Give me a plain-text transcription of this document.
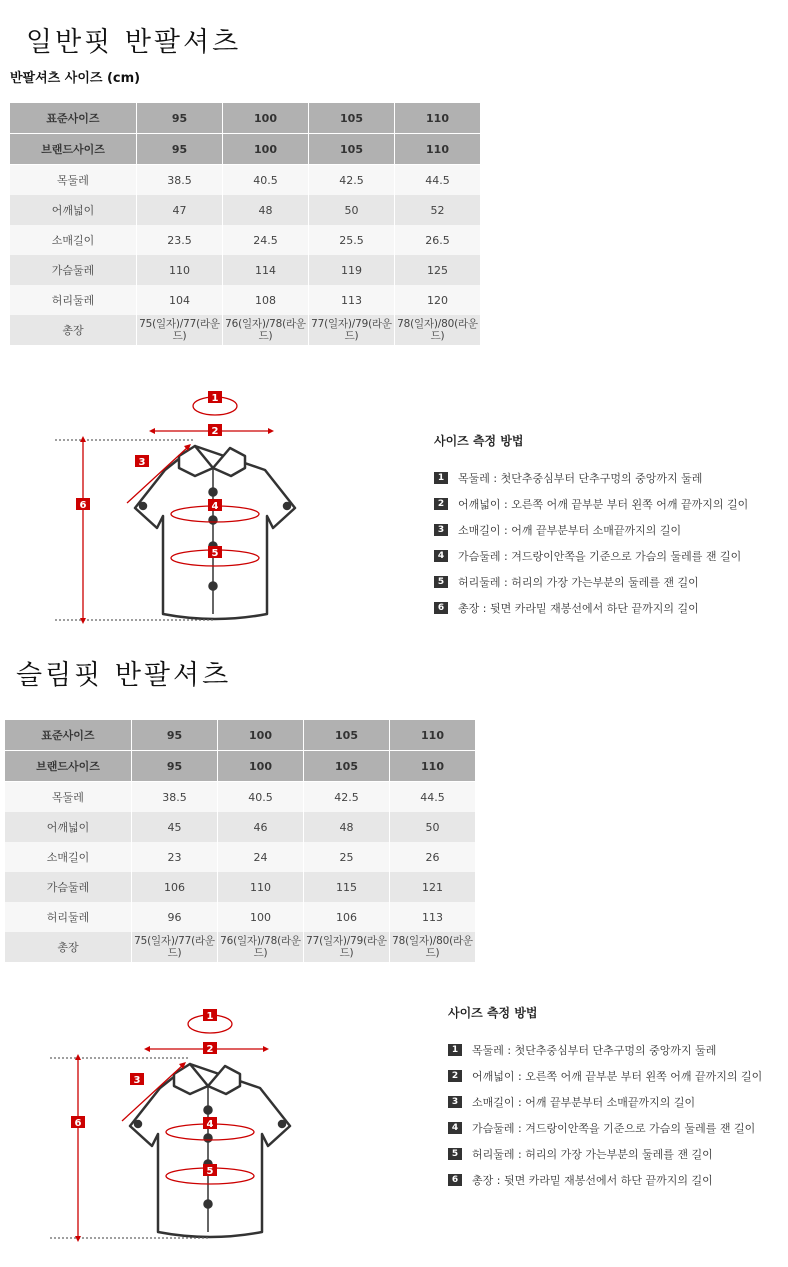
일반핏 반팔셔츠
반팔셔츠 사이즈 (cm)
표준사이즈	95	100	105	110
브랜드사이즈	95	100	105	110
목둘레	38.5	40.5	42.5	44.5
어깨넓이	47	48	50	52
소매길이	23.5	24.5	25.5	26.5
가슴둘레	110	114	119	125
허리둘레	104	108	113	120
총장	75(일자)/77(라운드)	76(일자)/78(라운드)	77(일자)/79(라운드)	78(일자)/80(라운드)
1
2
3
4
5
6
사이즈 측정 방법
1	목둘레 : 첫단추중심부터 단추구멍의 중앙까지 둘레
2	어깨넓이 : 오른쪽 어깨 끝부분 부터 왼쪽 어깨 끝까지의 길이
3	소매길이 : 어깨 끝부분부터 소매끝까지의 길이
4	가슴둘레 : 겨드랑이안쪽을 기준으로 가슴의 둘레를 잰 길이
5	허리둘레 : 허리의 가장 가는부분의 둘레를 잰 길이
6	총장 : 뒷면 카라밑 재봉선에서 하단 끝까지의 길이
슬림핏 반팔셔츠
표준사이즈	95	100	105	110
브랜드사이즈	95	100	105	110
목둘레	38.5	40.5	42.5	44.5
어깨넓이	45	46	48	50
소매길이	23	24	25	26
가슴둘레	106	110	115	121
허리둘레	96	100	106	113
총장	75(일자)/77(라운드)	76(일자)/78(라운드)	77(일자)/79(라운드)	78(일자)/80(라운드)
1
2
3
4
5
6
사이즈 측정 방법
1	목둘레 : 첫단추중심부터 단추구멍의 중앙까지 둘레
2	어깨넓이 : 오른쪽 어깨 끝부분 부터 왼쪽 어깨 끝까지의 길이
3	소매길이 : 어깨 끝부분부터 소매끝까지의 길이
4	가슴둘레 : 겨드랑이안쪽을 기준으로 가슴의 둘레를 잰 길이
5	허리둘레 : 허리의 가장 가는부분의 둘레를 잰 길이
6	총장 : 뒷면 카라밑 재봉선에서 하단 끝까지의 길이
